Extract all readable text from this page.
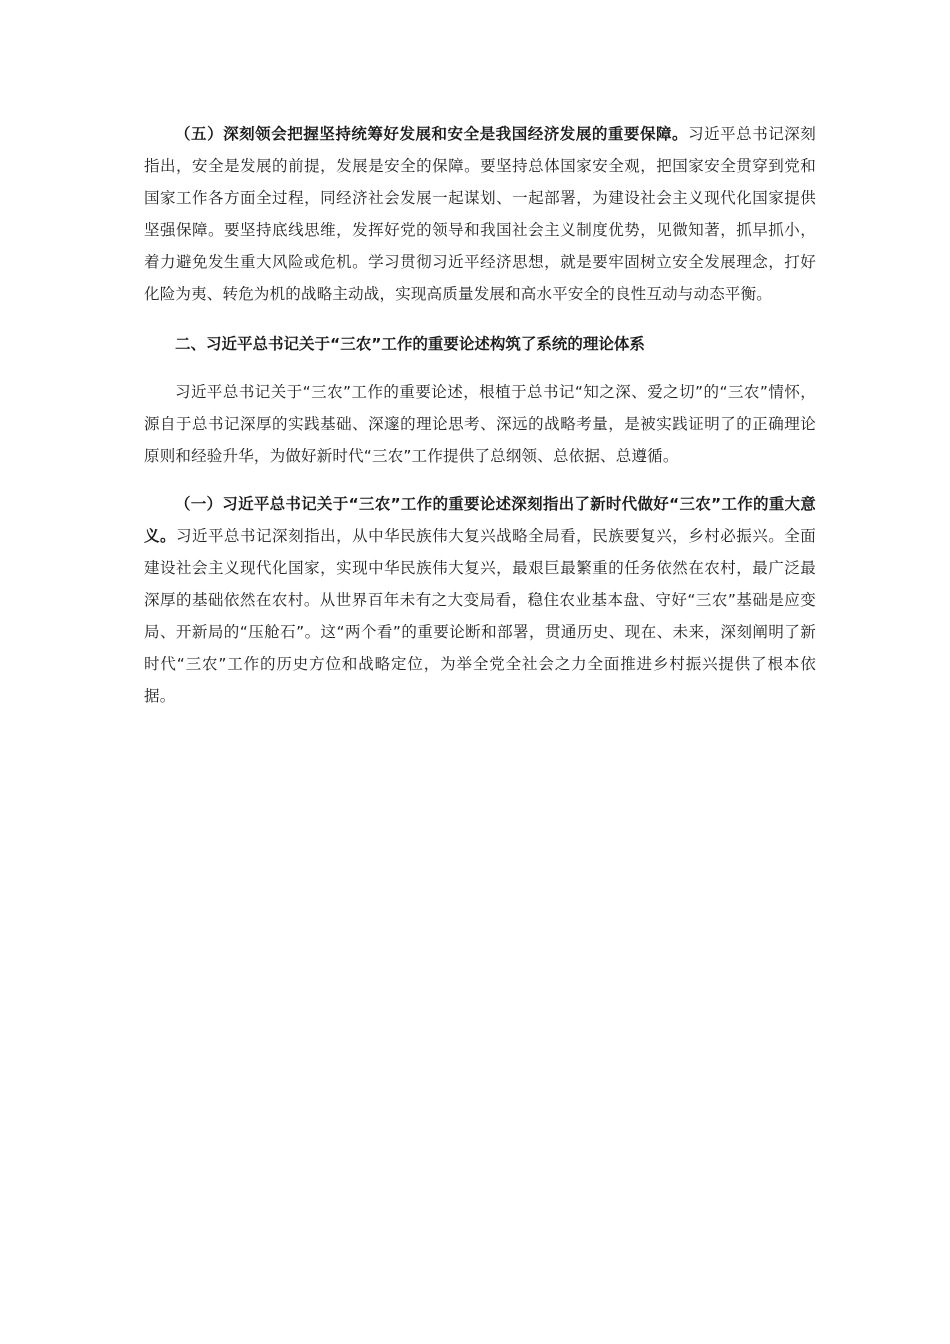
（五）深刻领会把握坚持统筹好发展和安全是我国经济发展的重要保障。习近平总书记深刻指出，安全是发展的前提，发展是安全的保障。要坚持总体国家安全观，把国家安全贯穿到党和国家工作各方面全过程，同经济社会发展一起谋划、一起部署，为建设社会主义现代化国家提供坚强保障。要坚持底线思维，发挥好党的领导和我国社会主义制度优势，见微知著，抓早抓小，着力避免发生重大风险或危机。学习贯彻习近平经济思想，就是要牢固树立安全发展理念，打好化险为夷、转危为机的战略主动战，实现高质量发展和高水平安全的良性互动与动态平衡。

二、习近平总书记关于“三农”工作的重要论述构筑了系统的理论体系

习近平总书记关于“三农”工作的重要论述，根植于总书记“知之深、爱之切”的“三农”情怀，源自于总书记深厚的实践基础、深邃的理论思考、深远的战略考量，是被实践证明了的正确理论原则和经验升华，为做好新时代“三农”工作提供了总纲领、总依据、总遵循。

（一）习近平总书记关于“三农”工作的重要论述深刻指出了新时代做好“三农”工作的重大意义。习近平总书记深刻指出，从中华民族伟大复兴战略全局看，民族要复兴，乡村必振兴。全面建设社会主义现代化国家，实现中华民族伟大复兴，最艰巨最繁重的任务依然在农村，最广泛最深厚的基础依然在农村。从世界百年未有之大变局看，稳住农业基本盘、守好“三农”基础是应变局、开新局的“压舱石”。这“两个看”的重要论断和部署，贯通历史、现在、未来，深刻阐明了新时代“三农”工作的历史方位和战略定位，为举全党全社会之力全面推进乡村振兴提供了根本依据。
